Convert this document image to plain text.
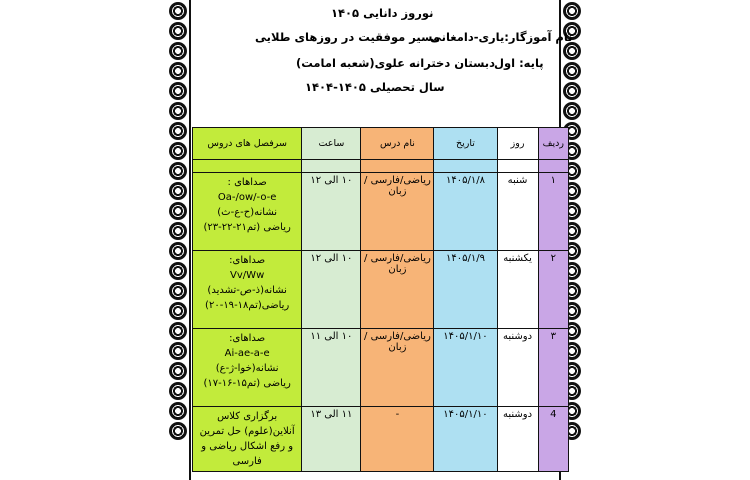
نوروز دانایی ۱۴۰۵
نام آموزگار:یاری-دامغانی
مسیر موفقیت در روزهای طلایی
پایه: اول
دبستان دخترانه علوی(شعبه امامت)
سال تحصیلی ۱۴۰۵-۱۴۰۴
ردیف	روز	تاریخ	نام درس	ساعت	سرفصل های دروس

۱	شنبه	۱۴۰۵/۱/۸	ریاضی/فارسی /زبان	۱۰ الی ۱۲	صداهای :
Oa-/ow/-o-e
نشانه(ح-ع-ث)
ریاضی (تم۲۱-۲۲-۲۳)

۲	یکشنبه	۱۴۰۵/۱/۹	ریاضی/فارسی /زبان	۱۰ الی ۱۲	صداهای:
Vv/Ww
نشانه(ذ-ص-تشدید)
ریاضی(تم۱۸-۱۹-۲۰)

۳	دوشنبه	۱۴۰۵/۱/۱۰	ریاضی/فارسی /زبان	۱۰ الی ۱۱	صداهای:
Ai-ae-a-e
نشانه(خوا-ژ-ع)
ریاضی (تم۱۵-۱۶-۱۷)

4	دوشنبه	۱۴۰۵/۱/۱۰	-	۱۱ الی ۱۳	برگزاری کلاس
آنلاین(علوم) حل تمرین
و رفع اشکال ریاضی و
فارسی
